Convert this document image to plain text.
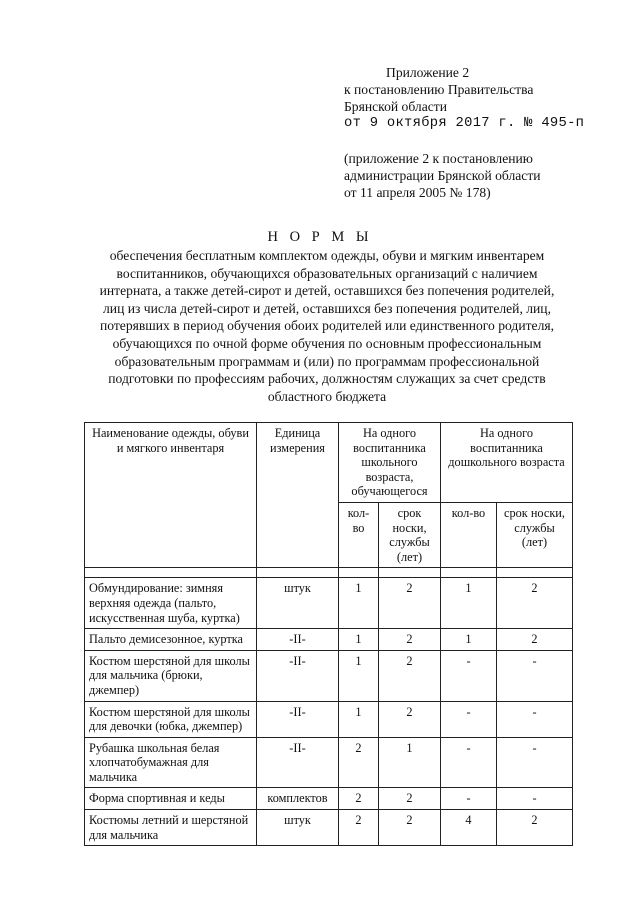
Приложение 2
к постановлению Правительства
Брянской области
от 9 октября 2017 г. № 495-п
(приложение 2 к постановлению
администрации Брянской области
от 11 апреля 2005 № 178)
Н О Р М Ы
обеспечения бесплатным комплектом одежды, обуви и мягким инвентарем
воспитанников, обучающихся образовательных организаций с наличием
интерната, а также детей-сирот и детей, оставшихся без попечения родителей,
лиц из числа детей-сирот и детей, оставшихся без попечения родителей, лиц,
потерявших в период обучения обоих родителей или единственного родителя,
обучающихся по очной форме обучения по основным профессиональным
образовательным программам и (или) по программам профессиональной
подготовки по профессиям рабочих, должностям служащих за счет средств
областного бюджета
Наименование одежды, обуви и мягкого инвентаря	Единица измерения	На одного воспитанника школьного возраста, обучающегося		На одного воспитанника дошкольного возраста	
		кол-во	срок носки, службы (лет)	кол-во	срок носки, службы (лет)

Обмундирование: зимняя верхняя одежда (пальто, искусственная шуба, куртка)	штук	1	2	1	2
Пальто демисезонное, куртка	-II-	1	2	1	2
Костюм шерстяной для школы для мальчика (брюки, джемпер)	-II-	1	2	-	-
Костюм шерстяной для школы для девочки (юбка, джемпер)	-II-	1	2	-	-
Рубашка школьная белая хлопчатобумажная для мальчика	-II-	2	1	-	-
Форма спортивная и кеды	комплектов	2	2	-	-
Костюмы летний и шерстяной для мальчика	штук	2	2	4	2
